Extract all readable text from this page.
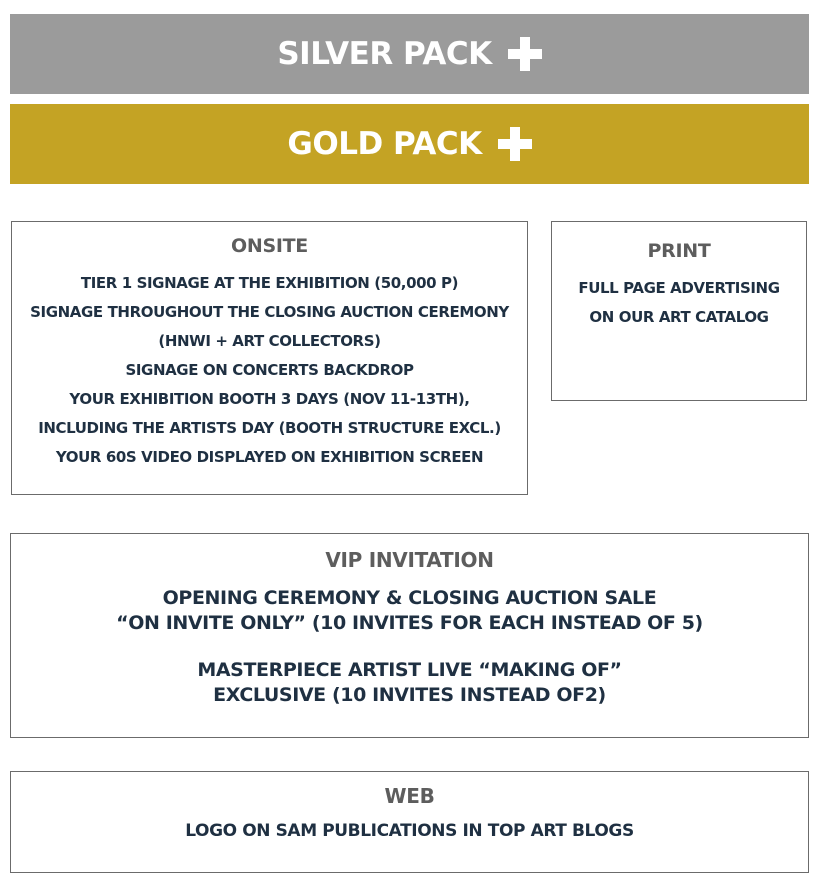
SILVER PACK
GOLD PACK
ONSITE
TIER 1 SIGNAGE AT THE EXHIBITION (50,000 P)
SIGNAGE THROUGHOUT THE CLOSING AUCTION CEREMONY
(HNWI + ART COLLECTORS)
SIGNAGE ON CONCERTS BACKDROP
YOUR EXHIBITION BOOTH 3 DAYS (NOV 11-13TH),
INCLUDING THE ARTISTS DAY (BOOTH STRUCTURE EXCL.)
YOUR 60S VIDEO DISPLAYED ON EXHIBITION SCREEN
PRINT
FULL PAGE ADVERTISING
ON OUR ART CATALOG
VIP INVITATION
OPENING CEREMONY & CLOSING AUCTION SALE
“ON INVITE ONLY” (10 INVITES FOR EACH INSTEAD OF 5)
MASTERPIECE ARTIST LIVE “MAKING OF”
EXCLUSIVE (10 INVITES INSTEAD OF2)
WEB
LOGO ON SAM PUBLICATIONS IN TOP ART BLOGS
